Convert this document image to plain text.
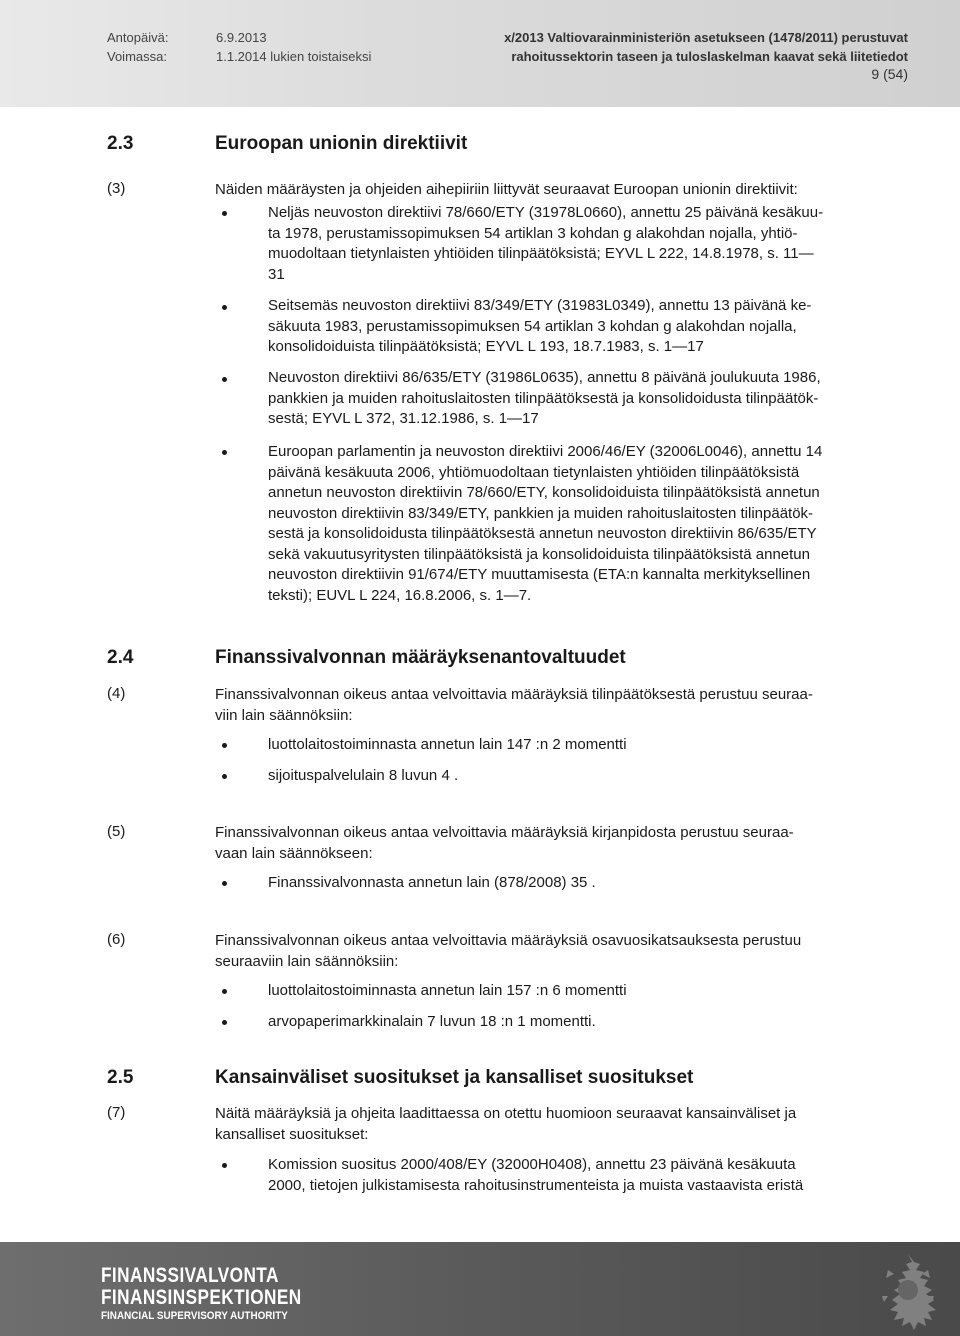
Antopäivä:	6.9.2013
Voimassa:	1.1.2014 lukien toistaiseksi
x/2013 Valtiovarainministeriön asetukseen (1478/2011) perustuvat
rahoitussektorin taseen ja tuloslaskelman kaavat sekä liitetiedot
9 (54)
2.3	Euroopan unionin direktiivit
(3)	Näiden määräysten ja ohjeiden aihepiiriin liittyvät seuraavat Euroopan unionin direktiivit:
Neljäs neuvoston direktiivi 78/660/ETY (31978L0660), annettu 25 päivänä kesäkuu-
ta 1978, perustamissopimuksen 54 artiklan 3 kohdan g alakohdan nojalla, yhtiö-
muodoltaan tietynlaisten yhtiöiden tilinpäätöksistä; EYVL L 222, 14.8.1978, s. 11—
31
Seitsemäs neuvoston direktiivi 83/349/ETY (31983L0349), annettu 13 päivänä ke-
säkuuta 1983, perustamissopimuksen 54 artiklan 3 kohdan g alakohdan nojalla,
konsolidoiduista tilinpäätöksistä; EYVL L 193, 18.7.1983, s. 1—17
Neuvoston direktiivi 86/635/ETY (31986L0635), annettu 8 päivänä joulukuuta 1986,
pankkien ja muiden rahoituslaitosten tilinpäätöksestä ja konsolidoidusta tilinpäätök-
sestä; EYVL L 372, 31.12.1986, s. 1—17
Euroopan parlamentin ja neuvoston direktiivi 2006/46/EY (32006L0046), annettu 14
päivänä kesäkuuta 2006, yhtiömuodoltaan tietynlaisten yhtiöiden tilinpäätöksistä
annetun neuvoston direktiivin 78/660/ETY, konsolidoiduista tilinpäätöksistä annetun
neuvoston direktiivin 83/349/ETY, pankkien ja muiden rahoituslaitosten tilinpäätök-
sestä ja konsolidoidusta tilinpäätöksestä annetun neuvoston direktiivin 86/635/ETY
sekä vakuutusyritysten tilinpäätöksistä ja konsolidoiduista tilinpäätöksistä annetun
neuvoston direktiivin 91/674/ETY muuttamisesta (ETA:n kannalta merkityksellinen
teksti); EUVL L 224, 16.8.2006, s. 1—7.
2.4	Finanssivalvonnan määräyksenantovaltuudet
(4)	Finanssivalvonnan oikeus antaa velvoittavia määräyksiä tilinpäätöksestä perustuu seuraa-
viin lain säännöksiin:
luottolaitostoiminnasta annetun lain 147 :n 2 momentti
sijoituspalvelulain 8 luvun 4 .
(5)	Finanssivalvonnan oikeus antaa velvoittavia määräyksiä kirjanpidosta perustuu seuraa-
vaan lain säännökseen:
Finanssivalvonnasta annetun lain (878/2008) 35 .
(6)	Finanssivalvonnan oikeus antaa velvoittavia määräyksiä osavuosikatsauksesta perustuu
seuraaviin lain säännöksiin:
luottolaitostoiminnasta annetun lain 157 :n 6 momentti
arvopaperimarkkinalain 7 luvun 18 :n 1 momentti.
2.5	Kansainväliset suositukset ja kansalliset suositukset
(7)	Näitä määräyksiä ja ohjeita laadittaessa on otettu huomioon seuraavat kansainväliset ja
kansalliset suositukset:
Komission suositus 2000/408/EY (32000H0408), annettu 23 päivänä kesäkuuta
2000, tietojen julkistamisesta rahoitusinstrumenteista ja muista vastaavista eristä
FINANSSIVALVONTA
FINANSINSPEKTIONEN
FINANCIAL SUPERVISORY AUTHORITY
